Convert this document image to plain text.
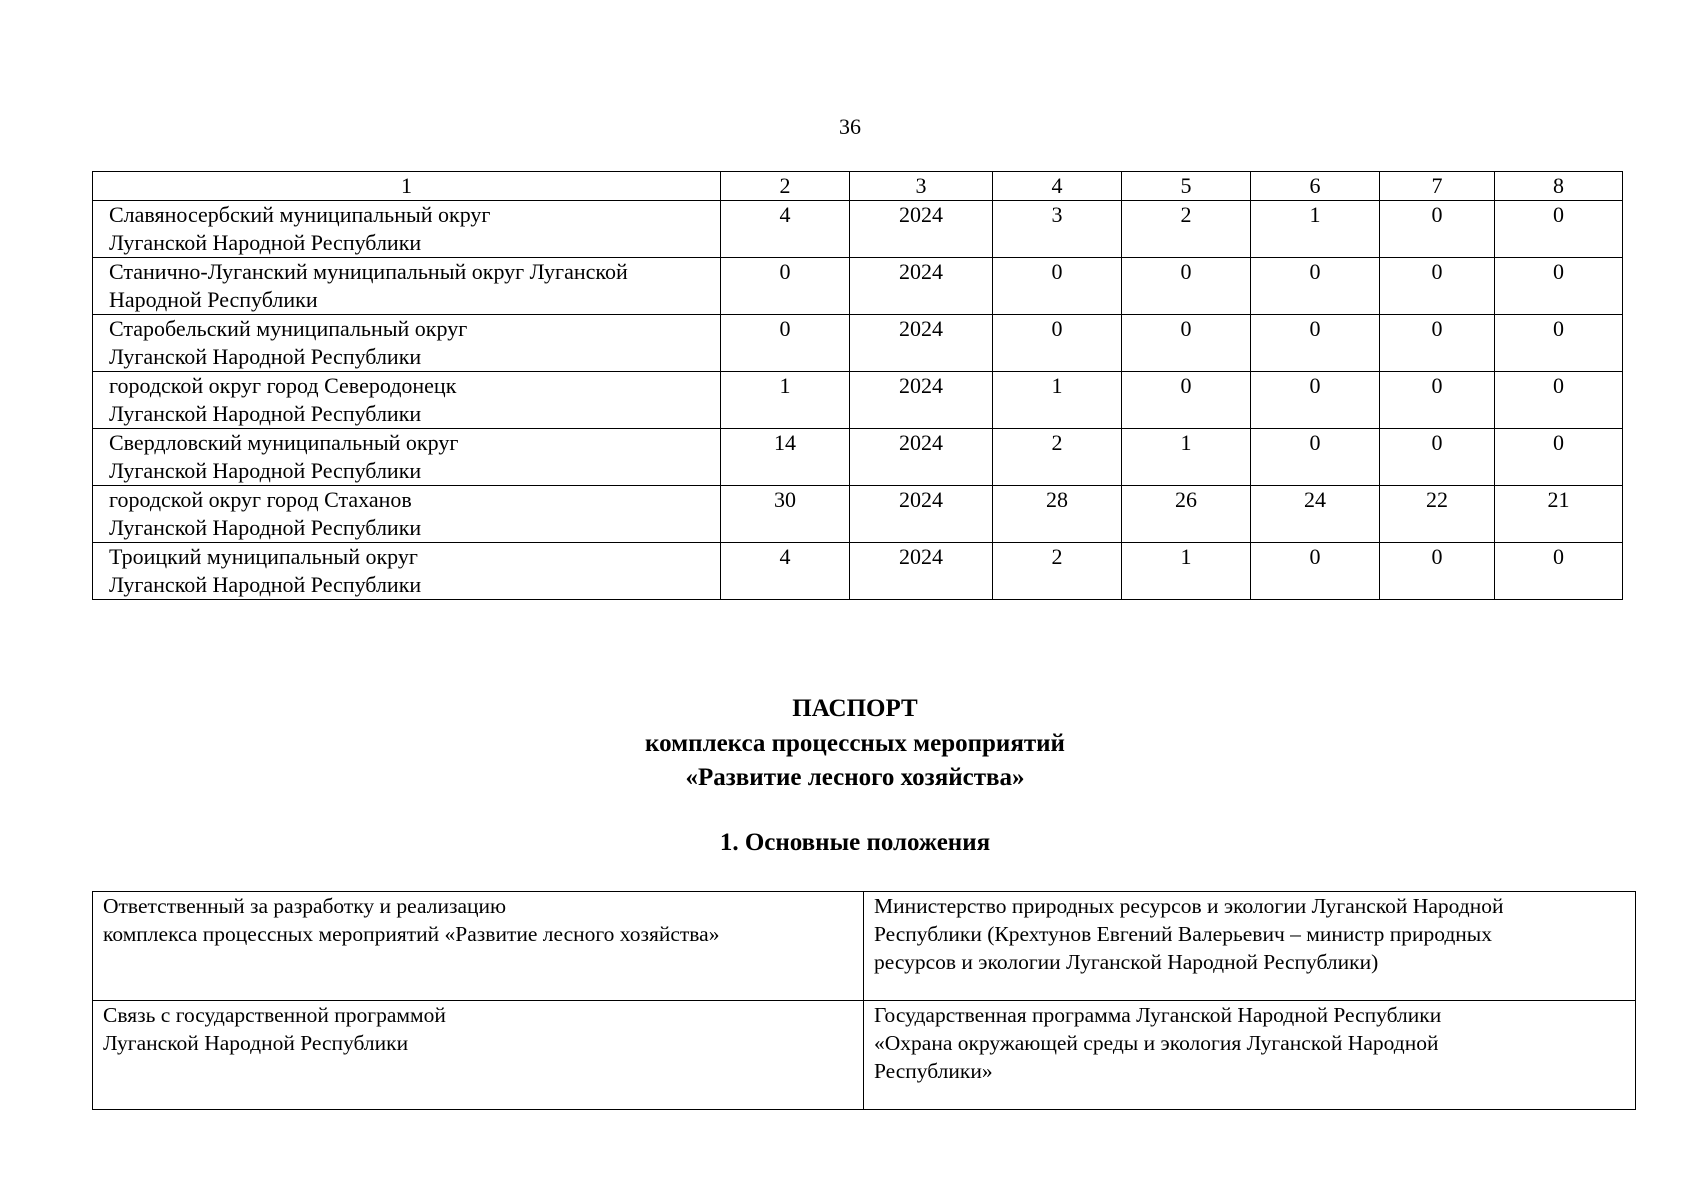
36
1	2	3	4	5	6	7	8

Славяносербский муниципальный округ
Луганской Народной Республики	4	2024	3	2	1	0	0

Станично-Луганский муниципальный округ Луганской
Народной Республики	0	2024	0	0	0	0	0

Старобельский муниципальный округ
Луганской Народной Республики	0	2024	0	0	0	0	0

городской округ город Северодонецк
Луганской Народной Республики	1	2024	1	0	0	0	0

Свердловский муниципальный округ
Луганской Народной Республики	14	2024	2	1	0	0	0

городской округ город Стаханов
Луганской Народной Республики	30	2024	28	26	24	22	21

Троицкий муниципальный округ
Луганской Народной Республики	4	2024	2	1	0	0	0
ПАСПОРТ
комплекса процессных мероприятий
«Развитие лесного хозяйства»
1. Основные положения
Ответственный за разработку и реализацию
комплекса процессных мероприятий «Развитие лесного хозяйства»	Министерство природных ресурсов и экологии Луганской Народной
Республики (Крехтунов Евгений Валерьевич – министр природных
ресурсов и экологии Луганской Народной Республики)

Связь с государственной программой
Луганской Народной Республики	Государственная программа Луганской Народной Республики
«Охрана окружающей среды и экология Луганской Народной
Республики»
